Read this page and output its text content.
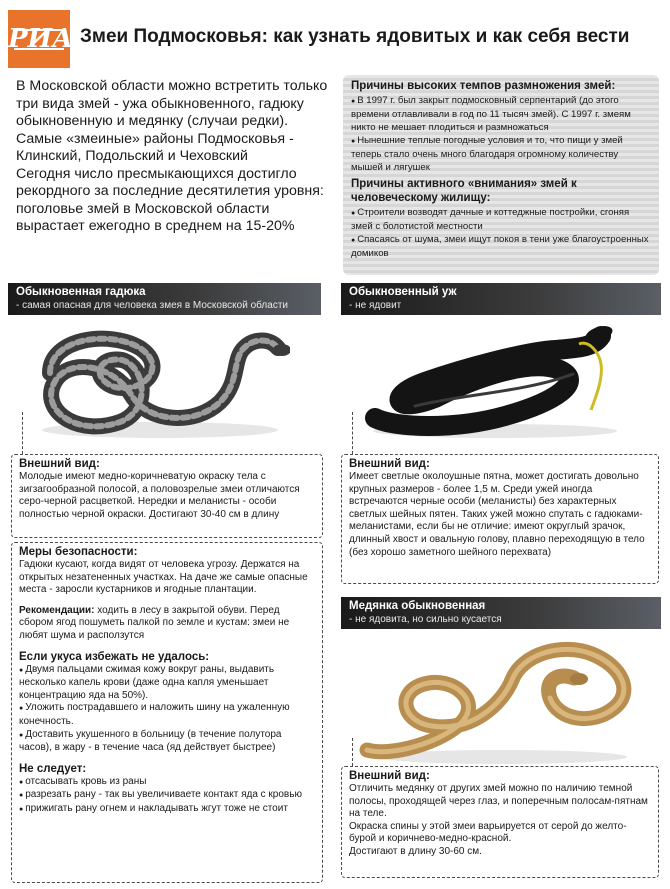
РИА Змеи Подмосковья: как узнать ядовитых и как себя вести

В Московской области можно встретить только три вида змей - ужа обыкновенного, гадюку обыкновенную и медянку (случаи редки). Самые «змеиные» районы Подмосковья - Клинский, Подольский и Чеховский

Сегодня число пресмыкающихся достигло рекордного за последние десятилетия уровня: поголовье змей в Московской области вырастает ежегодно в среднем на 15-20%

Причины высоких темпов размножения змей:
● В 1997 г. был закрыт подмосковный серпентарий (до этого времени отлавливали в год по 11 тысяч змей). С 1997 г. змеям никто не мешает плодиться и размножаться
● Нынешние теплые погодные условия и то, что пищи у змей теперь стало очень много благодаря огромному количеству мышей и лягушек
Причины активного «внимания» змей к человеческому жилищу:
● Строители возводят дачные и коттеджные постройки, сгоняя змей с болотистой местности
● Спасаясь от шума, змеи ищут покоя в тени уже благоустроенных домиков
Обыкновенная гадюка
- самая опасная для человека змея в Московской области
Внешний вид:

Молодые имеют медно-коричневатую окраску тела с зигзагообразной полосой, а половозрелые змеи отличаются серо-черной расцветкой. Нередки и меланисты - особи полностью черной окраски. Достигают 30-40 см в длину

Меры безопасности:

Гадюки кусают, когда видят от человека угрозу. Держатся на открытых незатененных участках. На даче же самые опасные места - заросли кустарников и ягодные плантации.

Рекомендации: ходить в лесу в закрытой обуви. Перед сбором ягод пошуметь палкой по земле и кустам: змеи не любят шума и расползутся

Если укуса избежать не удалось:
● Двумя пальцами сжимая кожу вокруг раны, выдавить несколько капель крови (даже одна капля уменьшает концентрацию яда на 50%).
● Уложить пострадавшего и наложить шину на ужаленную конечность.
● Доставить укушенного в больницу (в течение полутора часов), в жару - в течение часа (яд действует быстрее)
Не следует:
● отсасывать кровь из раны
● разрезать рану - так вы увеличиваете контакт яда с кровью
● прижигать рану огнем и накладывать жгут тоже не стоит
Обыкновенный уж
- не ядовит
Внешний вид:

Имеет светлые околоушные пятна, может достигать довольно крупных размеров - более 1,5 м. Среди ужей иногда встречаются черные особи (меланисты) без характерных светлых шейных пятен. Таких ужей можно спутать с гадюками-меланистами, если бы не отличие: имеют округлый зрачок, длинный хвост и овальную голову, плавно переходящую в тело (без хорошо заметного шейного перехвата)

Медянка обыкновенная
- не ядовита, но сильно кусается
Внешний вид:

Отличить медянку от других змей можно по наличию темной полосы, проходящей через глаз, и поперечным полосам-пятнам на теле.

Окраска спины у этой змеи варьируется от серой до желто-бурой и коричнево-медно-красной.

Достигают в длину 30-60 см.
